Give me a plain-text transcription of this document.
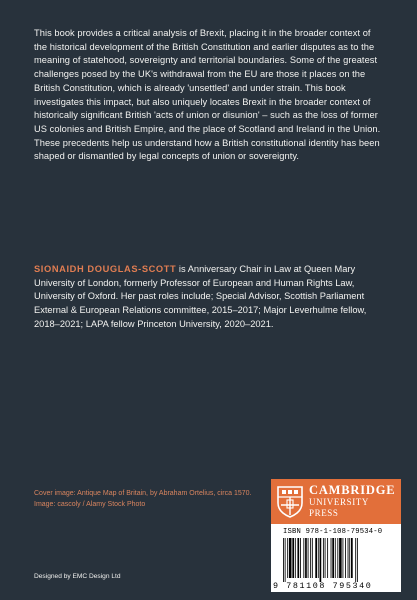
This book provides a critical analysis of Brexit, placing it in the broader context of the historical development of the British Constitution and earlier disputes as to the meaning of statehood, sovereignty and territorial boundaries. Some of the greatest challenges posed by the UK's withdrawal from the EU are those it places on the British Constitution, which is already 'unsettled' and under strain. This book investigates this impact, but also uniquely locates Brexit in the broader context of historically significant British 'acts of union or disunion' – such as the loss of former US colonies and British Empire, and the place of Scotland and Ireland in the Union. These precedents help us understand how a British constitutional identity has been shaped or dismantled by legal concepts of union or sovereignty.

SIONAIDH DOUGLAS-SCOTT is Anniversary Chair in Law at Queen Mary University of London, formerly Professor of European and Human Rights Law, University of Oxford. Her past roles include; Special Advisor, Scottish Parliament External & European Relations committee, 2015–2017; Major Leverhulme fellow, 2018–2021; LAPA fellow Princeton University, 2020–2021.

Cover image: Antique Map of Britain, by Abraham Ortelius, circa 1570. Image: cascoly / Alamy Stock Photo

Designed by EMC Design Ltd

CAMBRIDGE
UNIVERSITY PRESS
ISBN 978-1-108-79534-0
9 781108 795340
